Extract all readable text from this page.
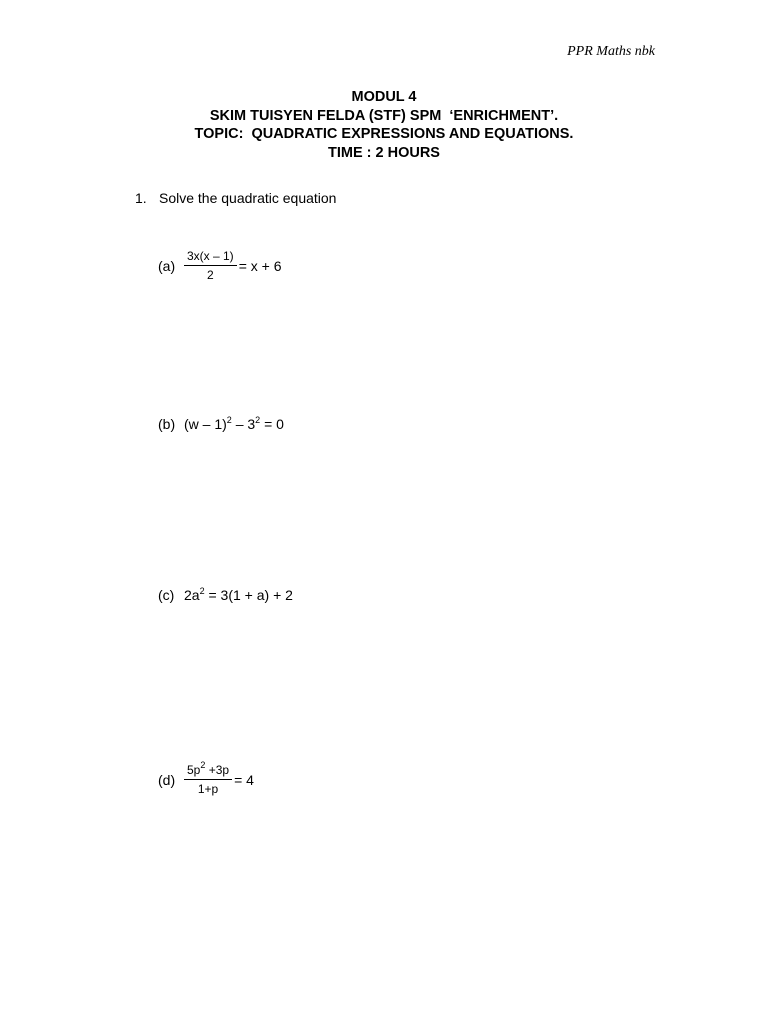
PPR Maths nbk
MODUL 4
SKIM TUISYEN FELDA (STF) SPM  ‘ENRICHMENT’.
TOPIC:  QUADRATIC EXPRESSIONS AND EQUATIONS.
TIME : 2 HOURS
1. Solve the quadratic equation
$(a) \frac{3x(x - 1)}{2} = x + 6$
(b) $(w - 1)^2 - 3^2 = 0$
(c) $2a^2 = 3(1 + a) + 2$
$(d) \frac{5p^2 +3p}{1+p} = 4$
